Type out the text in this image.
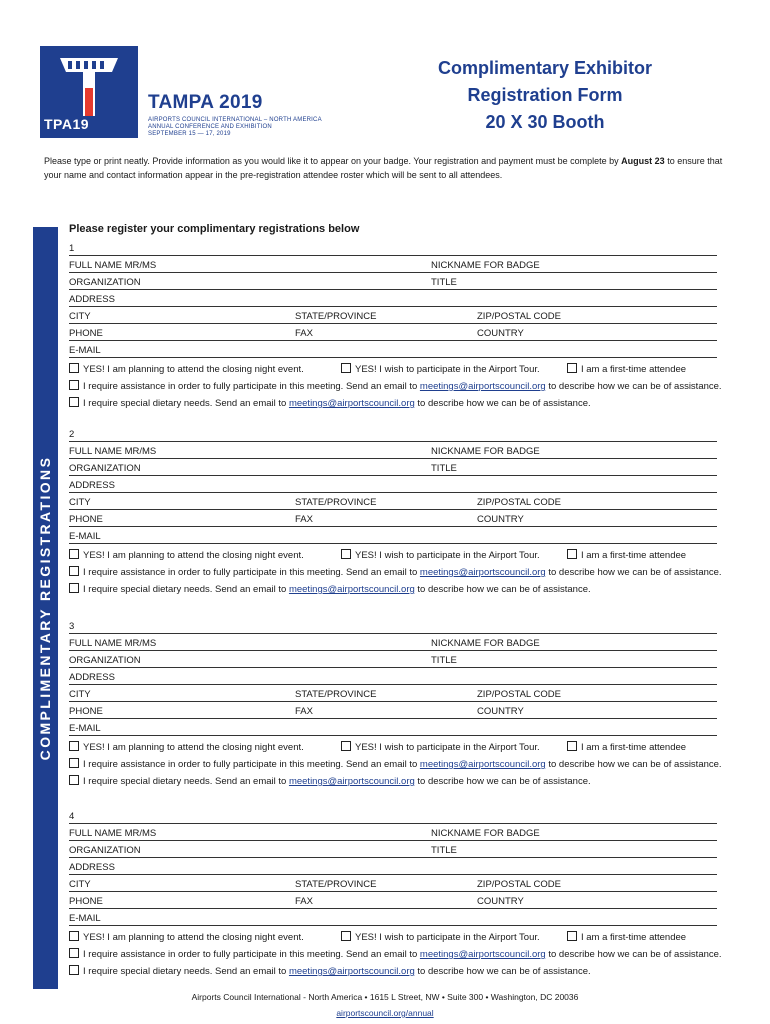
TPA19
TAMPA 2019
AIRPORTS COUNCIL INTERNATIONAL – NORTH AMERICA
ANNUAL CONFERENCE AND EXHIBITION
SEPTEMBER 15 — 17, 2019
Complimentary Exhibitor
Registration Form
20 X 30 Booth
Please type or print neatly. Provide information as you would like it to appear on your badge. Your registration and payment must be complete by August 23 to ensure that your name and contact information appear in the pre-registration attendee roster which will be sent to all attendees.
COMPLIMENTARY REGISTRATIONS
Please register your complimentary registrations below
1
FULL NAME MR/MS	NICKNAME FOR BADGE
ORGANIZATION	TITLE
ADDRESS
CITY	STATE/PROVINCE	ZIP/POSTAL CODE
PHONE	FAX	COUNTRY
E-MAIL
YES! I am planning to attend the closing night event.	YES! I wish to participate in the Airport Tour.	I am a first-time attendee
I require assistance in order to fully participate in this meeting. Send an email to meetings@airportscouncil.org to describe how we can be of assistance.
I require special dietary needs. Send an email to meetings@airportscouncil.org to describe how we can be of assistance.
2
FULL NAME MR/MS	NICKNAME FOR BADGE
ORGANIZATION	TITLE
ADDRESS
CITY	STATE/PROVINCE	ZIP/POSTAL CODE
PHONE	FAX	COUNTRY
E-MAIL
YES! I am planning to attend the closing night event.	YES! I wish to participate in the Airport Tour.	I am a first-time attendee
I require assistance in order to fully participate in this meeting. Send an email to meetings@airportscouncil.org to describe how we can be of assistance.
I require special dietary needs. Send an email to meetings@airportscouncil.org to describe how we can be of assistance.
3
FULL NAME MR/MS	NICKNAME FOR BADGE
ORGANIZATION	TITLE
ADDRESS
CITY	STATE/PROVINCE	ZIP/POSTAL CODE
PHONE	FAX	COUNTRY
E-MAIL
YES! I am planning to attend the closing night event.	YES! I wish to participate in the Airport Tour.	I am a first-time attendee
I require assistance in order to fully participate in this meeting. Send an email to meetings@airportscouncil.org to describe how we can be of assistance.
I require special dietary needs. Send an email to meetings@airportscouncil.org to describe how we can be of assistance.
4
FULL NAME MR/MS	NICKNAME FOR BADGE
ORGANIZATION	TITLE
ADDRESS
CITY	STATE/PROVINCE	ZIP/POSTAL CODE
PHONE	FAX	COUNTRY
E-MAIL
YES! I am planning to attend the closing night event.	YES! I wish to participate in the Airport Tour.	I am a first-time attendee
I require assistance in order to fully participate in this meeting. Send an email to meetings@airportscouncil.org to describe how we can be of assistance.
I require special dietary needs. Send an email to meetings@airportscouncil.org to describe how we can be of assistance.
Airports Council International - North America • 1615 L Street, NW • Suite 300 • Washington, DC 20036
airportscouncil.org/annual
